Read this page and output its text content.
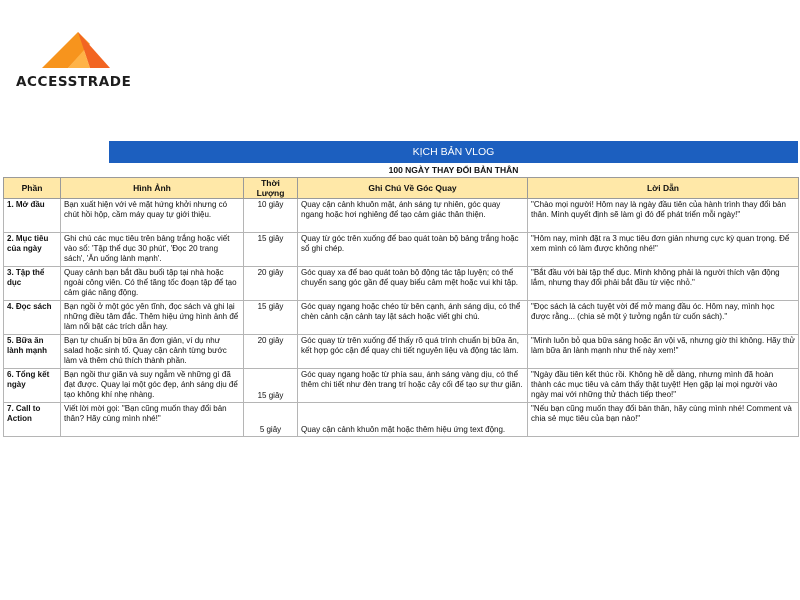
ACCESSTRADE
KỊCH BẢN VLOG
100 NGÀY THAY ĐỔI BẢN THÂN
Phần	Hình Ảnh	Thời Lượng	Ghi Chú Về Góc Quay	Lời Dẫn
1. Mở đầu	Bạn xuất hiện với vẻ mặt hứng khởi nhưng có chút hồi hộp, cầm máy quay tự giới thiệu.	10 giây	Quay cận cảnh khuôn mặt, ánh sáng tự nhiên, góc quay ngang hoặc hơi nghiêng để tạo cảm giác thân thiện.	"Chào mọi người! Hôm nay là ngày đầu tiên của hành trình thay đổi bản thân. Mình quyết định sẽ làm gì đó để phát triển mỗi ngày!"
2. Mục tiêu của ngày	Ghi chú các mục tiêu trên bảng trắng hoặc viết vào sổ: 'Tập thể dục 30 phút', 'Đọc 20 trang sách', 'Ăn uống lành mạnh'.	15 giây	Quay từ góc trên xuống để bao quát toàn bộ bảng trắng hoặc sổ ghi chép.	"Hôm nay, mình đặt ra 3 mục tiêu đơn giản nhưng cực kỳ quan trọng. Để xem mình có làm được không nhé!"
3. Tập thể dục	Quay cảnh bạn bắt đầu buổi tập tại nhà hoặc ngoài công viên. Có thể tăng tốc đoạn tập để tạo cảm giác năng động.	20 giây	Góc quay xa để bao quát toàn bộ động tác tập luyện; có thể chuyển sang góc gần để quay biểu cảm mệt hoặc vui khi tập.	"Bắt đầu với bài tập thể dục. Mình không phải là người thích vận động lắm, nhưng thay đổi phải bắt đầu từ việc nhỏ."
4. Đọc sách	Bạn ngồi ở một góc yên tĩnh, đọc sách và ghi lại những điều tâm đắc. Thêm hiệu ứng hình ảnh để làm nổi bật các trích dẫn hay.	15 giây	Góc quay ngang hoặc chéo từ bên cạnh, ánh sáng dịu, có thể chèn cảnh cận cảnh tay lật sách hoặc viết ghi chú.	"Đọc sách là cách tuyệt vời để mở mang đầu óc. Hôm nay, mình học được rằng... (chia sẻ một ý tưởng ngắn từ cuốn sách)."
5. Bữa ăn lành mạnh	Bạn tự chuẩn bị bữa ăn đơn giản, ví dụ như salad hoặc sinh tố. Quay cận cảnh từng bước làm và thêm chú thích thành phần.	20 giây	Góc quay từ trên xuống để thấy rõ quá trình chuẩn bị bữa ăn, kết hợp góc cận để quay chi tiết nguyên liệu và động tác làm.	"Mình luôn bỏ qua bữa sáng hoặc ăn vội vã, nhưng giờ thì không. Hãy thử làm bữa ăn lành mạnh như thế này xem!"
6. Tổng kết ngày	Bạn ngồi thư giãn và suy ngẫm về những gì đã đạt được. Quay lại một góc đẹp, ánh sáng dịu để tạo không khí nhẹ nhàng.	15 giây	Góc quay ngang hoặc từ phía sau, ánh sáng vàng dịu, có thể thêm chi tiết như đèn trang trí hoặc cây cối để tạo sự thư giãn.	"Ngày đầu tiên kết thúc rồi. Không hề dễ dàng, nhưng mình đã hoàn thành các mục tiêu và cảm thấy thật tuyệt! Hẹn gặp lại mọi người vào ngày mai với những thử thách tiếp theo!"
7. Call to Action	Viết lời mời gọi: "Bạn cũng muốn thay đổi bản thân? Hãy cùng mình nhé!"	5 giây	Quay cận cảnh khuôn mặt hoặc thêm hiệu ứng text động.	"Nếu bạn cũng muốn thay đổi bản thân, hãy cùng mình nhé! Comment và chia sẻ mục tiêu của bạn nào!"
